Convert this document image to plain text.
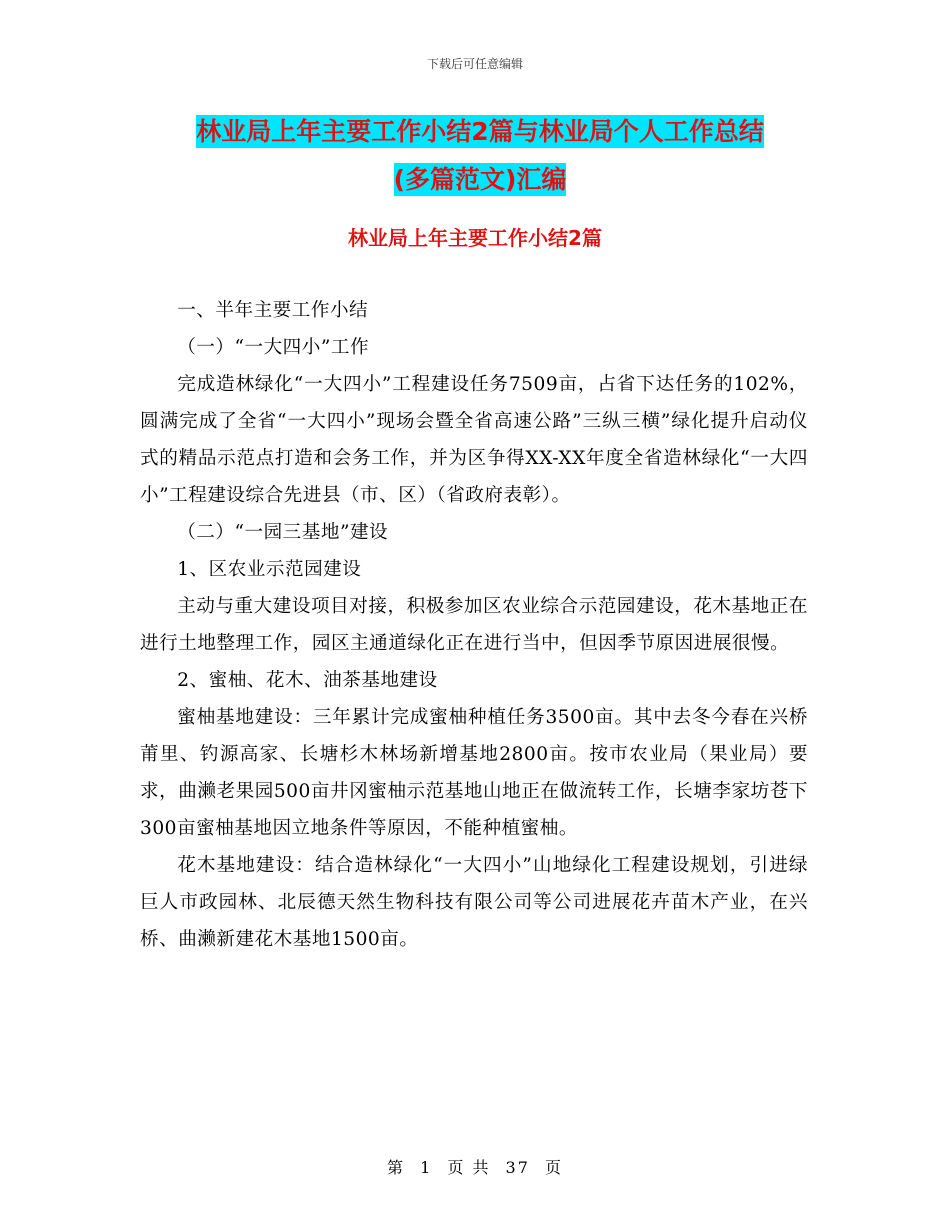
下载后可任意编辑
林业局上年主要工作小结2篇与林业局个人工作总结
(多篇范文)汇编
林业局上年主要工作小结2篇

一、半年主要工作小结

（一）“一大四小”工作

完成造林绿化“一大四小”工程建设任务7509亩，占省下达任务的102%，圆满完成了全省“一大四小”现场会暨全省高速公路”三纵三横”绿化提升启动仪式的精品示范点打造和会务工作，并为区争得XX-XX年度全省造林绿化“一大四小”工程建设综合先进县（市、区）（省政府表彰）。

（二）“一园三基地”建设

1、区农业示范园建设

主动与重大建设项目对接，积极参加区农业综合示范园建设，花木基地正在进行土地整理工作，园区主通道绿化正在进行当中，但因季节原因进展很慢。

2、蜜柚、花木、油茶基地建设

蜜柚基地建设：三年累计完成蜜柚种植任务3500亩。其中去冬今春在兴桥莆里、钓源高家、长塘杉木林场新增基地2800亩。按市农业局（果业局）要求，曲濑老果园500亩井冈蜜柚示范基地山地正在做流转工作，长塘李家坊苍下300亩蜜柚基地因立地条件等原因，不能种植蜜柚。

花木基地建设：结合造林绿化“一大四小”山地绿化工程建设规划，引进绿巨人市政园林、北辰德天然生物科技有限公司等公司进展花卉苗木产业，在兴桥、曲濑新建花木基地1500亩。

第 1 页 共 37 页
